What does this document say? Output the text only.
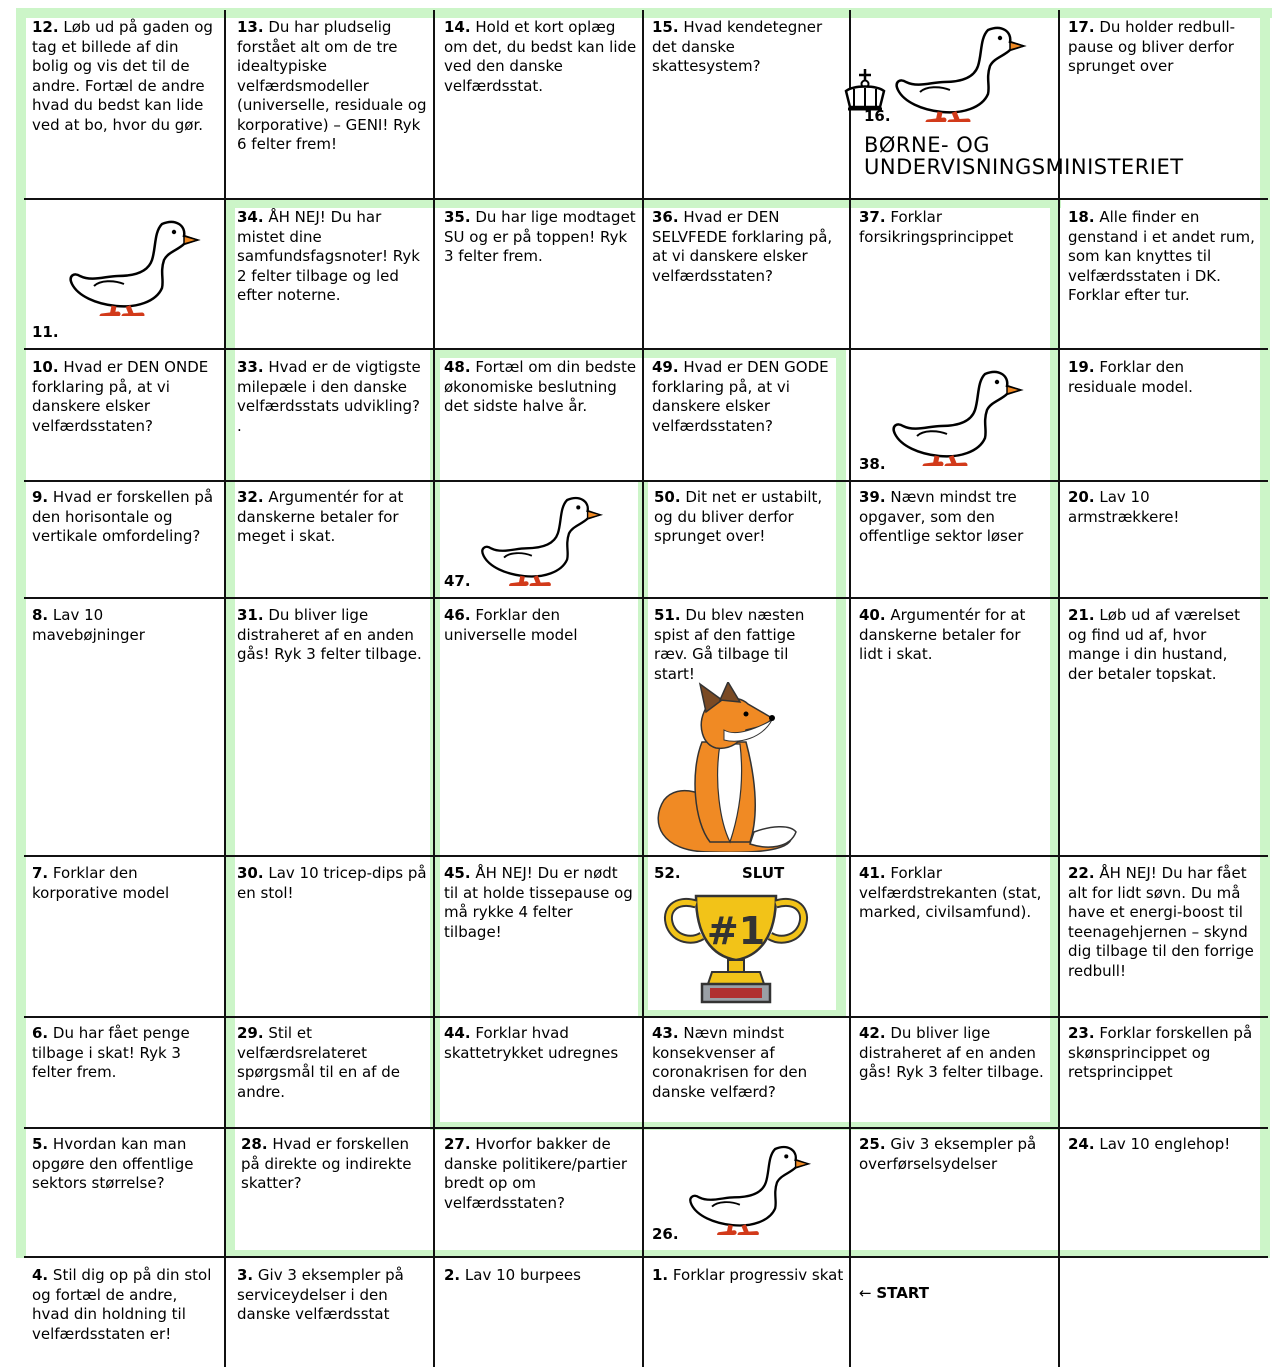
12. Løb ud på gaden og tag et billede af din bolig og vis det til de andre. Fortæl de andre hvad du bedst kan lide ved at bo, hvor du gør.
13. Du har pludselig forstået alt om de tre idealtypiske velfærdsmodeller (universelle, residuale og korporative) – GENI! Ryk 6 felter frem!
14. Hold et kort oplæg om det, du bedst kan lide ved den danske velfærdsstat.
15. Hvad kendetegner det danske skattesystem?
16.
BØRNE- OG
UNDERVISNINGSMINISTERIET
17. Du holder redbull-pause og bliver derfor sprunget over
11.
34. ÅH NEJ! Du har mistet dine samfundsfagsnoter! Ryk 2 felter tilbage og led efter noterne.
35. Du har lige modtaget SU og er på toppen! Ryk 3 felter frem.
36. Hvad er DEN SELVFEDE forklaring på, at vi danskere elsker velfærdsstaten?
37. Forklar forsikringsprincippet
18. Alle finder en genstand i et andet rum, som kan knyttes til velfærdsstaten i DK. Forklar efter tur.
10. Hvad er DEN ONDE forklaring på, at vi danskere elsker velfærdsstaten?
33. Hvad er de vigtigste milepæle i den danske velfærdsstats udvikling?
.
48. Fortæl om din bedste økonomiske beslutning det sidste halve år.
49. Hvad er DEN GODE forklaring på, at vi danskere elsker velfærdsstaten?
38.
19. Forklar den residuale model.
9. Hvad er forskellen på den horisontale og vertikale omfordeling?
32. Argumentér for at danskerne betaler for meget i skat.
47.
50. Dit net er ustabilt, og du bliver derfor sprunget over!
39. Nævn mindst tre opgaver, som den offentlige sektor løser
20. Lav 10 armstrækkere!
8. Lav 10 mavebøjninger
31. Du bliver lige distraheret af en anden gås! Ryk 3 felter tilbage.
46. Forklar den universelle model
51. Du blev næsten spist af den fattige ræv. Gå tilbage til start!
40. Argumentér for at danskerne betaler for lidt i skat.
21. Løb ud af værelset og find ud af, hvor mange i din hustand, der betaler topskat.
7. Forklar den korporative model
30. Lav 10 tricep-dips på en stol!
45. ÅH NEJ! Du er nødt til at holde tissepause og må rykke 4 felter tilbage!
52.	SLUT
#1
41. Forklar velfærdstrekanten (stat, marked, civilsamfund).
22. ÅH NEJ! Du har fået alt for lidt søvn. Du må have et energi-boost til teenagehjernen – skynd dig tilbage til den forrige redbull!
6. Du har fået penge tilbage i skat! Ryk 3 felter frem.
29. Stil et velfærdsrelateret spørgsmål til en af de andre.
44. Forklar hvad skattetrykket udregnes
43. Nævn mindst konsekvenser af coronakrisen for den danske velfærd?
42. Du bliver lige distraheret af en anden gås! Ryk 3 felter tilbage.
23. Forklar forskellen på skønsprincippet og retsprincippet
5. Hvordan kan man opgøre den offentlige sektors størrelse?
28. Hvad er forskellen på direkte og indirekte skatter?
27. Hvorfor bakker de danske politikere/partier bredt op om velfærdsstaten?
26.
25. Giv 3 eksempler på overførselsydelser
24. Lav 10 englehop!
4. Stil dig op på din stol og fortæl de andre, hvad din holdning til velfærdsstaten er!
3. Giv 3 eksempler på serviceydelser i den danske velfærdsstat
2. Lav 10 burpees	1. Forklar progressiv skat
← START
